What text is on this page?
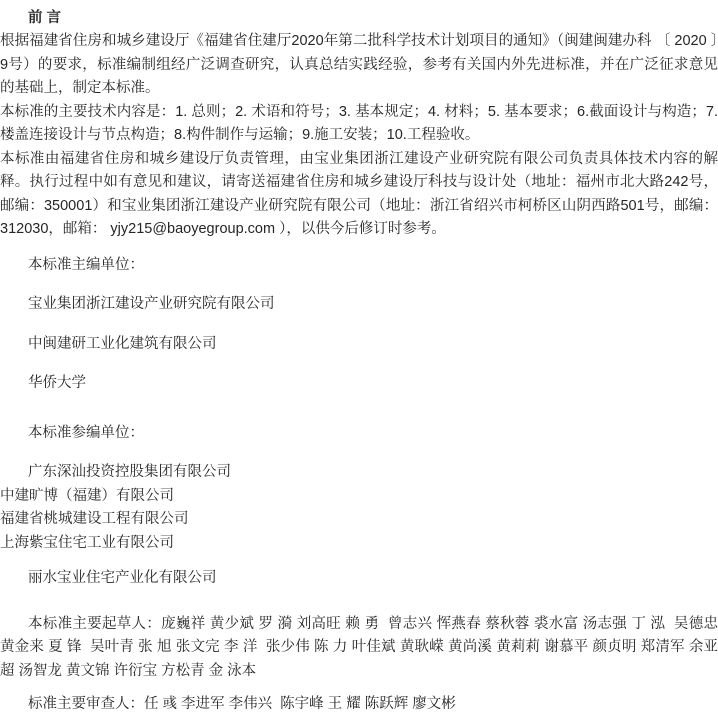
前 言

根据福建省住房和城乡建设厅《福建省住建厅2020年第二批科学技术计划项目的通知》（闽建闽建办科 〔 2020 〕9号）的要求，标准编制组经广泛调查研究，认真总结实践经验，参考有关国内外先进标准，并在广泛征求意见的基础上，制定本标准。

本标准的主要技术内容是：1. 总则；2. 术语和符号；3. 基本规定；4. 材料；5. 基本要求；6.截面设计与构造；7.楼盖连接设计与节点构造；8.构件制作与运输；9.施工安装；10.工程验收。

本标准由福建省住房和城乡建设厅负责管理，由宝业集团浙江建设产业研究院有限公司负责具体技术内容的解释。执行过程中如有意见和建议，请寄送福建省住房和城乡建设厅科技与设计处（地址：福州市北大路242号，邮编：350001）和宝业集团浙江建设产业研究院有限公司（地址：浙江省绍兴市柯桥区山阴西路501号，邮编：312030，邮箱： yjy215@baoyegroup.com ），以供今后修订时参考。

本标准主编单位：

宝业集团浙江建设产业研究院有限公司

中闽建研工业化建筑有限公司

华侨大学

本标准参编单位：

广东深汕投资控股集团有限公司

中建旷博（福建）有限公司

福建省桃城建设工程有限公司

上海紫宝住宅工业有限公司

丽水宝业住宅产业化有限公司

本标准主要起草人：庞巍祥 黄少斌 罗 漪 刘高旺 赖 勇  曾志兴 恽燕春 蔡秋蓉 裘水富 汤志强 丁 泓  吴德忠 黄金来 夏 锋  吴叶青 张 旭 张文完 李 洋  张少伟 陈 力 叶佳斌 黄耿嵘 黄尚溪 黄莉莉 谢慕平 颜贞明 郑清军 余亚超 汤智龙 黄文锦 许衍宝 方松青 金 泳本

标准主要审查人：任 彧 李进军 李伟兴  陈宇峰 王 耀 陈跃辉 廖文彬
